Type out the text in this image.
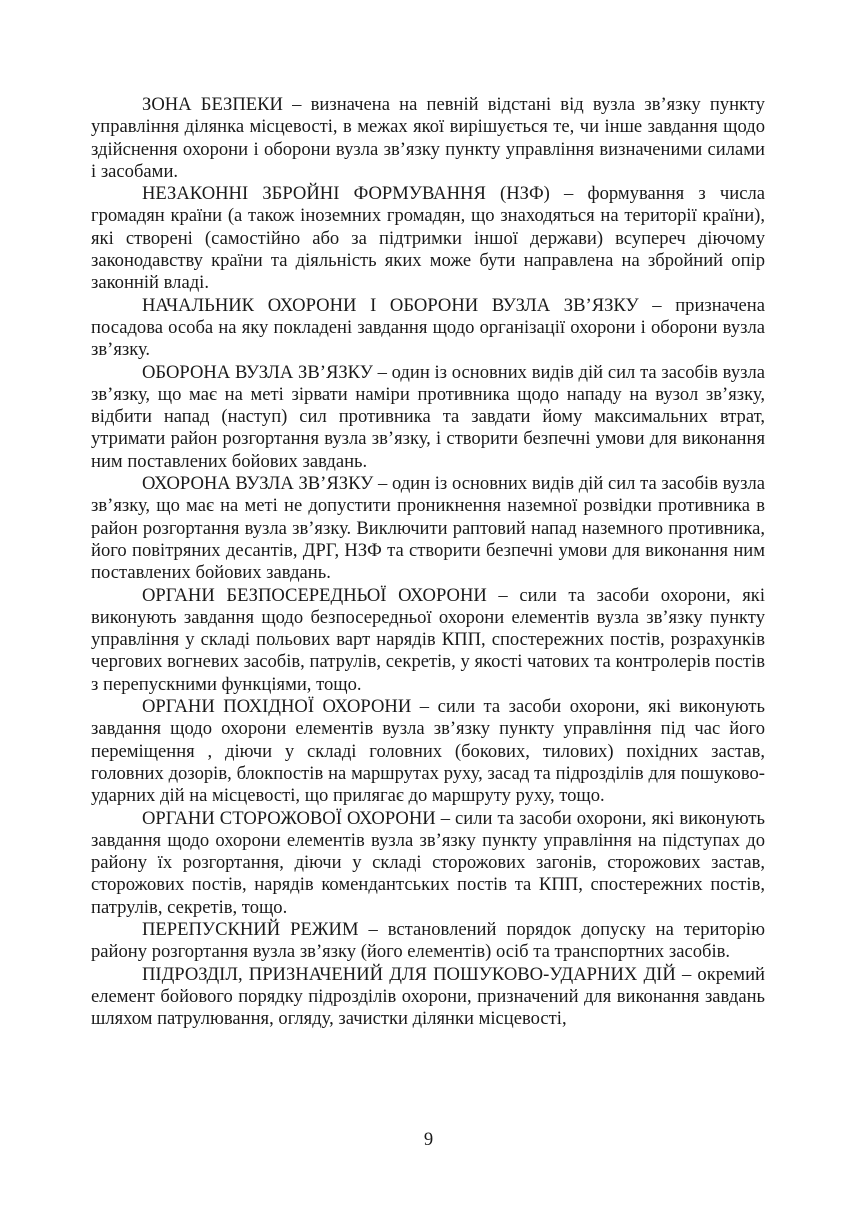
ЗОНА БЕЗПЕКИ – визначена на певній відстані від вузла зв’язку пункту управління ділянка місцевості, в межах якої вирішується те, чи інше завдання щодо здійснення охорони і оборони вузла зв’язку пункту управління визначеними силами і засобами.

НЕЗАКОННІ ЗБРОЙНІ ФОРМУВАННЯ (НЗФ) – формування з числа громадян країни (а також іноземних громадян, що знаходяться на території країни), які створені (самостійно або за підтримки іншої держави) всупереч діючому законодавству країни та діяльність яких може бути направлена на збройний опір законній владі.

НАЧАЛЬНИК ОХОРОНИ І ОБОРОНИ ВУЗЛА ЗВ’ЯЗКУ – призначена посадова особа на яку покладені завдання щодо організації охорони і оборони вузла зв’язку.

ОБОРОНА ВУЗЛА ЗВ’ЯЗКУ – один із основних видів дій сил та засобів вузла зв’язку, що має на меті зірвати наміри противника щодо нападу на вузол зв’язку, відбити напад (наступ) сил противника та завдати йому максимальних втрат, утримати район розгортання вузла зв’язку, і створити безпечні умови для виконання ним поставлених бойових завдань.

ОХОРОНА ВУЗЛА ЗВ’ЯЗКУ – один із основних видів дій сил та засобів вузла зв’язку, що має на меті не допустити проникнення наземної розвідки противника в район розгортання вузла зв’язку. Виключити раптовий напад наземного противника, його повітряних десантів, ДРГ, НЗФ та створити безпечні умови для виконання ним поставлених бойових завдань.

ОРГАНИ БЕЗПОСЕРЕДНЬОЇ ОХОРОНИ – сили та засоби охорони, які виконують завдання щодо безпосередньої охорони елементів вузла зв’язку пункту управління у складі польових варт нарядів КПП, спостережних постів, розрахунків чергових вогневих засобів, патрулів, секретів, у якості чатових та контролерів постів з перепускними функціями, тощо.

ОРГАНИ ПОХІДНОЇ ОХОРОНИ – сили та засоби охорони, які виконують завдання щодо охорони елементів вузла зв’язку пункту управління під час його переміщення , діючи у складі головних (бокових, тилових) похідних застав, головних дозорів, блокпостів на маршрутах руху, засад та підрозділів для пошуково-ударних дій на місцевості, що прилягає до маршруту руху, тощо.

ОРГАНИ СТОРОЖОВОЇ ОХОРОНИ – сили та засоби охорони, які виконують завдання щодо охорони елементів вузла зв’язку пункту управління на підступах до району їх розгортання, діючи у складі сторожових загонів, сторожових застав, сторожових постів, нарядів комендантських постів та КПП, спостережних постів, патрулів, секретів, тощо.

ПЕРЕПУСКНИЙ РЕЖИМ – встановлений порядок допуску на територію району розгортання вузла зв’язку (його елементів) осіб та транспортних засобів.

ПІДРОЗДІЛ, ПРИЗНАЧЕНИЙ ДЛЯ ПОШУКОВО-УДАРНИХ ДІЙ – окремий елемент бойового порядку підрозділів охорони, призначений для виконання завдань шляхом патрулювання, огляду, зачистки ділянки місцевості,

9
